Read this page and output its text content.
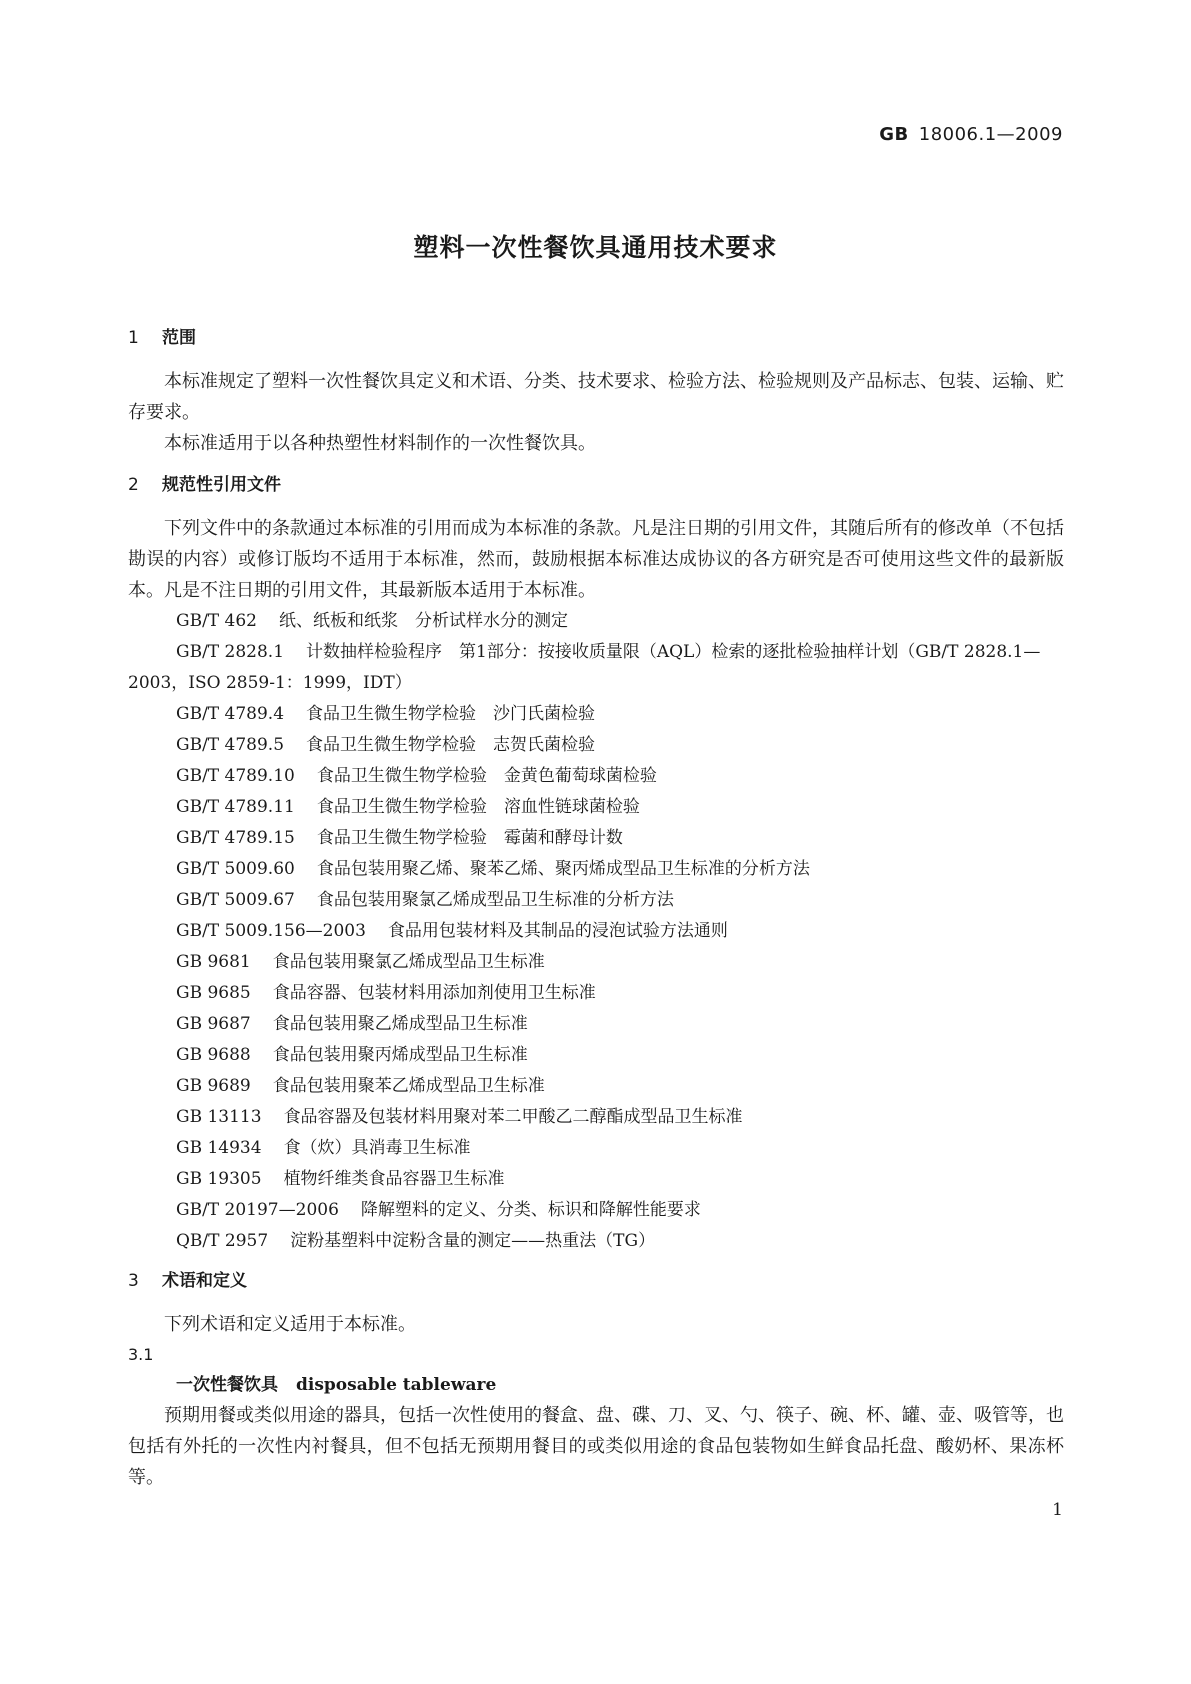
GB 18006.1—2009
塑料一次性餐饮具通用技术要求

1 范围

本标准规定了塑料一次性餐饮具定义和术语、分类、技术要求、检验方法、检验规则及产品标志、包装、运输、贮存要求。

本标准适用于以各种热塑性材料制作的一次性餐饮具。

2 规范性引用文件

下列文件中的条款通过本标准的引用而成为本标准的条款。凡是注日期的引用文件，其随后所有的修改单（不包括勘误的内容）或修订版均不适用于本标准，然而，鼓励根据本标准达成协议的各方研究是否可使用这些文件的最新版本。凡是不注日期的引用文件，其最新版本适用于本标准。

GB/T 462 纸、纸板和纸浆　分析试样水分的测定

GB/T 2828.1 计数抽样检验程序　第1部分：按接收质量限（AQL）检索的逐批检验抽样计划（GB/T 2828.1—2003，ISO 2859-1：1999，IDT）

GB/T 4789.4 食品卫生微生物学检验　沙门氏菌检验

GB/T 4789.5 食品卫生微生物学检验　志贺氏菌检验

GB/T 4789.10 食品卫生微生物学检验　金黄色葡萄球菌检验

GB/T 4789.11 食品卫生微生物学检验　溶血性链球菌检验

GB/T 4789.15 食品卫生微生物学检验　霉菌和酵母计数

GB/T 5009.60 食品包装用聚乙烯、聚苯乙烯、聚丙烯成型品卫生标准的分析方法

GB/T 5009.67 食品包装用聚氯乙烯成型品卫生标准的分析方法

GB/T 5009.156—2003 食品用包装材料及其制品的浸泡试验方法通则

GB 9681 食品包装用聚氯乙烯成型品卫生标准

GB 9685 食品容器、包装材料用添加剂使用卫生标准

GB 9687 食品包装用聚乙烯成型品卫生标准

GB 9688 食品包装用聚丙烯成型品卫生标准

GB 9689 食品包装用聚苯乙烯成型品卫生标准

GB 13113 食品容器及包装材料用聚对苯二甲酸乙二醇酯成型品卫生标准

GB 14934 食（炊）具消毒卫生标准

GB 19305 植物纤维类食品容器卫生标准

GB/T 20197—2006 降解塑料的定义、分类、标识和降解性能要求

QB/T 2957 淀粉基塑料中淀粉含量的测定——热重法（TG）

3 术语和定义

下列术语和定义适用于本标准。

3.1

一次性餐饮具 disposable tableware

预期用餐或类似用途的器具，包括一次性使用的餐盒、盘、碟、刀、叉、勺、筷子、碗、杯、罐、壶、吸管等，也包括有外托的一次性内衬餐具，但不包括无预期用餐目的或类似用途的食品包装物如生鲜食品托盘、酸奶杯、果冻杯等。

1
